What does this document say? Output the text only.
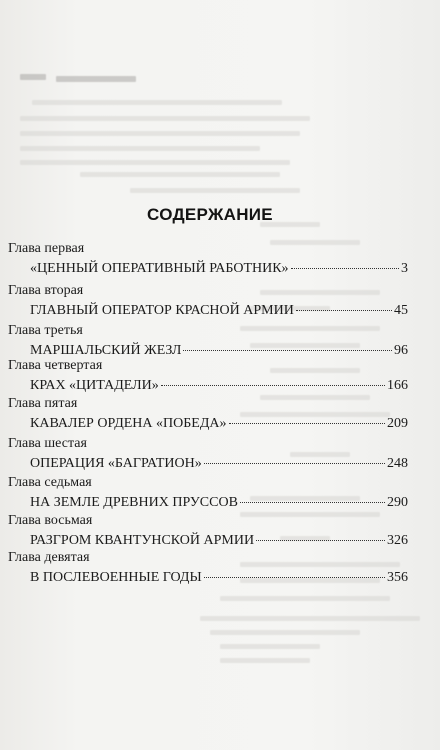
СОДЕРЖАНИЕ
Глава первая
«ЦЕННЫЙ ОПЕРАТИВНЫЙ РАБОТНИК»	3
Глава вторая
ГЛАВНЫЙ ОПЕРАТОР КРАСНОЙ АРМИИ	45
Глава третья
МАРШАЛЬСКИЙ ЖЕЗЛ	96
Глава четвертая
КРАХ «ЦИТАДЕЛИ»	166
Глава пятая
КАВАЛЕР ОРДЕНА «ПОБЕДА»	209
Глава шестая
ОПЕРАЦИЯ «БАГРАТИОН»	248
Глава седьмая
НА ЗЕМЛЕ ДРЕВНИХ ПРУССОВ	290
Глава восьмая
РАЗГРОМ КВАНТУНСКОЙ АРМИИ	326
Глава девятая
В ПОСЛЕВОЕННЫЕ ГОДЫ	356
